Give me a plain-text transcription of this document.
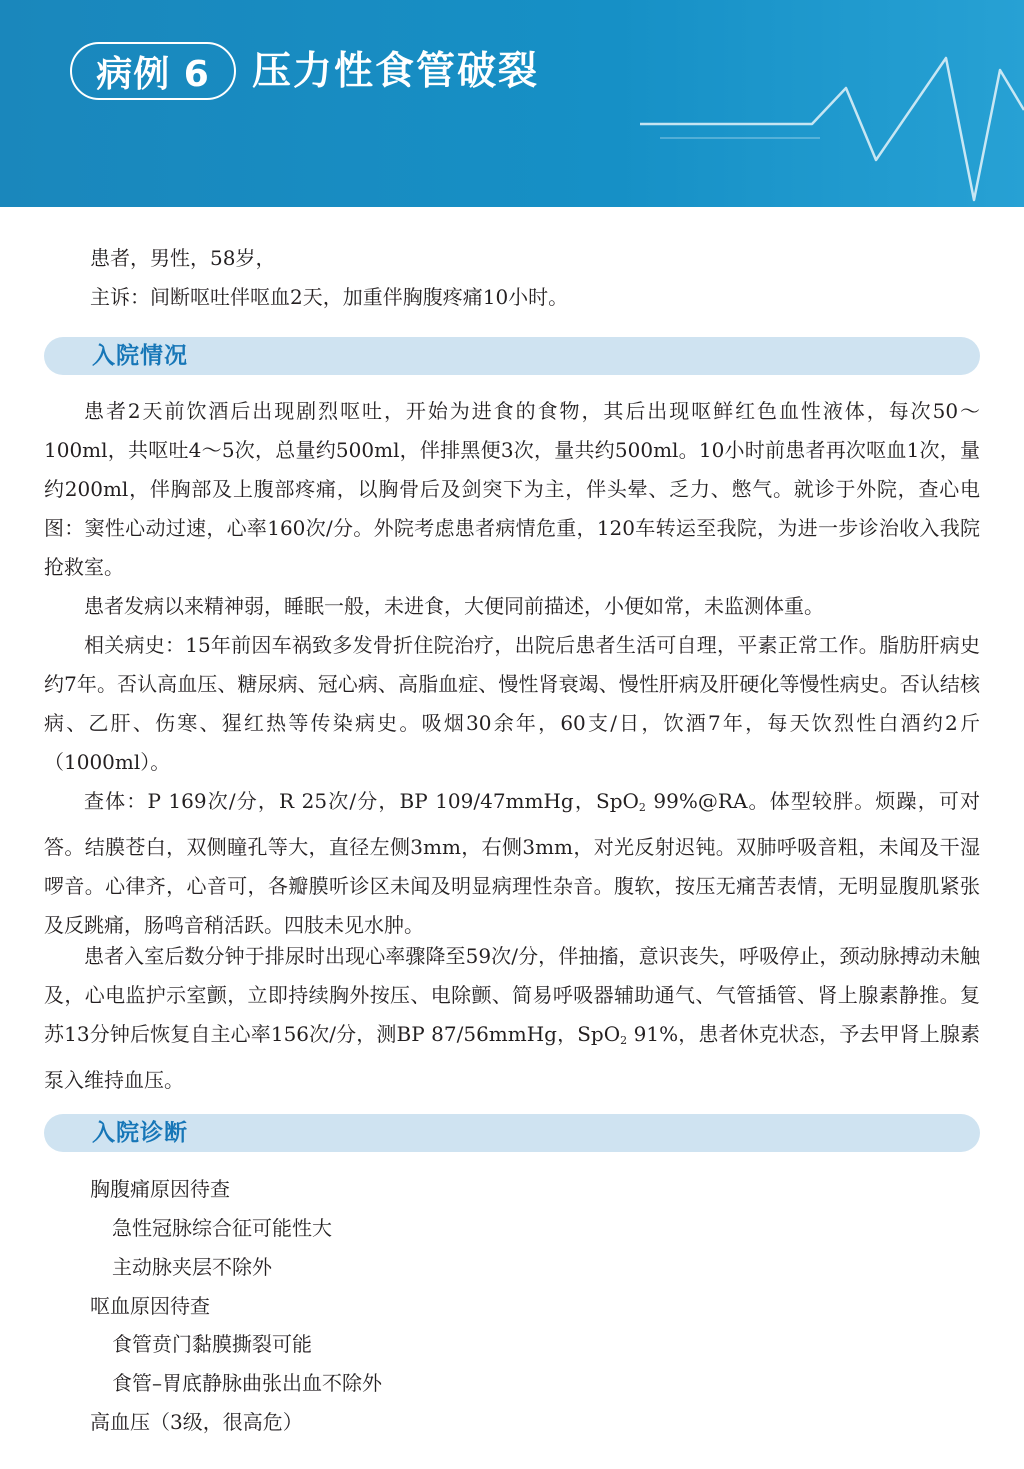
病例 6 压力性食管破裂
患者，男性，58岁，
主诉：间断呕吐伴呕血2天，加重伴胸腹疼痛10小时。
入院情况

患者2天前饮酒后出现剧烈呕吐，开始为进食的食物，其后出现呕鲜红色血性液体，每次50～100ml，共呕吐4～5次，总量约500ml，伴排黑便3次，量共约500ml。10小时前患者再次呕血1次，量约200ml，伴胸部及上腹部疼痛，以胸骨后及剑突下为主，伴头晕、乏力、憋气。就诊于外院，查心电图：窦性心动过速，心率160次/分。外院考虑患者病情危重，120车转运至我院，为进一步诊治收入我院抢救室。

患者发病以来精神弱，睡眠一般，未进食，大便同前描述，小便如常，未监测体重。

相关病史：15年前因车祸致多发骨折住院治疗，出院后患者生活可自理，平素正常工作。脂肪肝病史约7年。否认高血压、糖尿病、冠心病、高脂血症、慢性肾衰竭、慢性肝病及肝硬化等慢性病史。否认结核病、乙肝、伤寒、猩红热等传染病史。吸烟30余年，60支/日，饮酒7年，每天饮烈性白酒约2斤（1000ml）。

查体：P 169次/分，R 25次/分，BP 109/47mmHg，SpO$_2$ 99%@RA。体型较胖。烦躁，可对答。结膜苍白，双侧瞳孔等大，直径左侧3mm，右侧3mm，对光反射迟钝。双肺呼吸音粗，未闻及干湿啰音。心律齐，心音可，各瓣膜听诊区未闻及明显病理性杂音。腹软，按压无痛苦表情，无明显腹肌紧张及反跳痛，肠鸣音稍活跃。四肢未见水肿。

患者入室后数分钟于排尿时出现心率骤降至59次/分，伴抽搐，意识丧失，呼吸停止，颈动脉搏动未触及，心电监护示室颤，立即持续胸外按压、电除颤、简易呼吸器辅助通气、气管插管、肾上腺素静推。复苏13分钟后恢复自主心率156次/分，测BP 87/56mmHg，SpO$_2$ 91%，患者休克状态，予去甲肾上腺素泵入维持血压。

入院诊断
胸腹痛原因待查
急性冠脉综合征可能性大
主动脉夹层不除外
呕血原因待查
食管贲门黏膜撕裂可能
食管–胃底静脉曲张出血不除外
高血压（3级，很高危）
